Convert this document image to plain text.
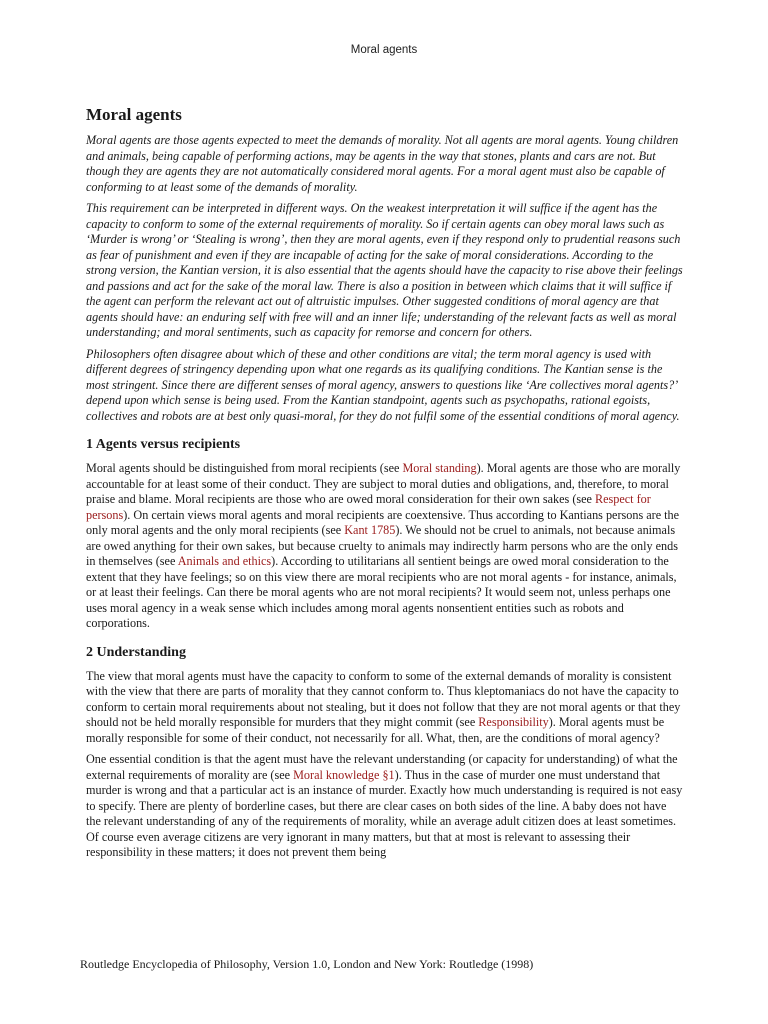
Moral agents
Moral agents

Moral agents are those agents expected to meet the demands of morality. Not all agents are moral agents. Young children and animals, being capable of performing actions, may be agents in the way that stones, plants and cars are not. But though they are agents they are not automatically considered moral agents. For a moral agent must also be capable of conforming to at least some of the demands of morality.

This requirement can be interpreted in different ways. On the weakest interpretation it will suffice if the agent has the capacity to conform to some of the external requirements of morality. So if certain agents can obey moral laws such as ‘Murder is wrong’ or ‘Stealing is wrong’, then they are moral agents, even if they respond only to prudential reasons such as fear of punishment and even if they are incapable of acting for the sake of moral considerations. According to the strong version, the Kantian version, it is also essential that the agents should have the capacity to rise above their feelings and passions and act for the sake of the moral law. There is also a position in between which claims that it will suffice if the agent can perform the relevant act out of altruistic impulses. Other suggested conditions of moral agency are that agents should have: an enduring self with free will and an inner life; understanding of the relevant facts as well as moral understanding; and moral sentiments, such as capacity for remorse and concern for others.

Philosophers often disagree about which of these and other conditions are vital; the term moral agency is used with different degrees of stringency depending upon what one regards as its qualifying conditions. The Kantian sense is the most stringent. Since there are different senses of moral agency, answers to questions like ‘Are collectives moral agents?’ depend upon which sense is being used. From the Kantian standpoint, agents such as psychopaths, rational egoists, collectives and robots are at best only quasi-moral, for they do not fulfil some of the essential conditions of moral agency.

1 Agents versus recipients

Moral agents should be distinguished from moral recipients (see Moral standing). Moral agents are those who are morally accountable for at least some of their conduct. They are subject to moral duties and obligations, and, therefore, to moral praise and blame. Moral recipients are those who are owed moral consideration for their own sakes (see Respect for persons). On certain views moral agents and moral recipients are coextensive. Thus according to Kantians persons are the only moral agents and the only moral recipients (see Kant 1785). We should not be cruel to animals, not because animals are owed anything for their own sakes, but because cruelty to animals may indirectly harm persons who are the only ends in themselves (see Animals and ethics). According to utilitarians all sentient beings are owed moral consideration to the extent that they have feelings; so on this view there are moral recipients who are not moral agents - for instance, animals, or at least their feelings. Can there be moral agents who are not moral recipients? It would seem not, unless perhaps one uses moral agency in a weak sense which includes among moral agents nonsentient entities such as robots and corporations.

2 Understanding

The view that moral agents must have the capacity to conform to some of the external demands of morality is consistent with the view that there are parts of morality that they cannot conform to. Thus kleptomaniacs do not have the capacity to conform to certain moral requirements about not stealing, but it does not follow that they are not moral agents or that they should not be held morally responsible for murders that they might commit (see Responsibility). Moral agents must be morally responsible for some of their conduct, not necessarily for all. What, then, are the conditions of moral agency?

One essential condition is that the agent must have the relevant understanding (or capacity for understanding) of what the external requirements of morality are (see Moral knowledge §1). Thus in the case of murder one must understand that murder is wrong and that a particular act is an instance of murder. Exactly how much understanding is required is not easy to specify. There are plenty of borderline cases, but there are clear cases on both sides of the line. A baby does not have the relevant understanding of any of the requirements of morality, while an average adult citizen does at least sometimes. Of course even average citizens are very ignorant in many matters, but that at most is relevant to assessing their responsibility in these matters; it does not prevent them being

Routledge Encyclopedia of Philosophy, Version 1.0, London and New York: Routledge (1998)
